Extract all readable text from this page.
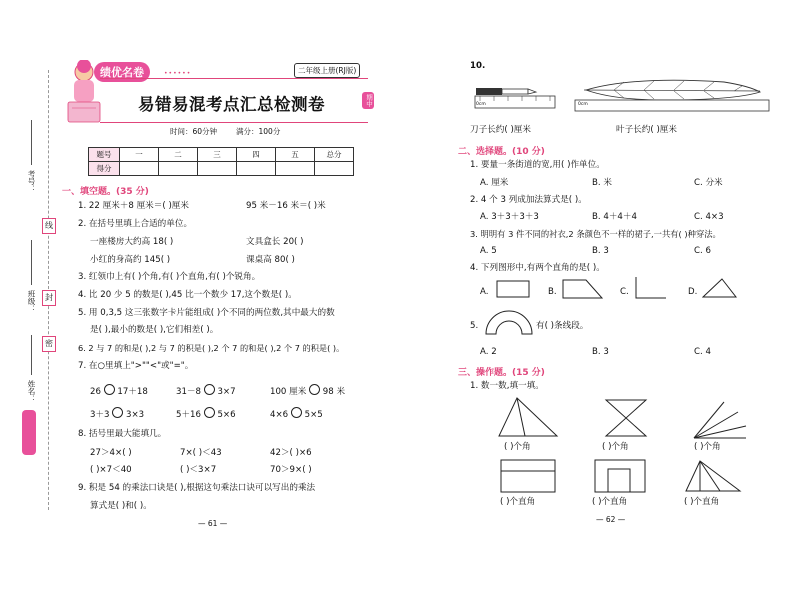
考号：
班级：
姓名：
线
封
密
绩优名卷	••••••	二年级上册(RJ版)
易错易混考点汇总检测卷	期中
时间：60分钟	满分：100分
题号	一	二	三	四	五	总分
得分						
一、填空题。(35 分)
1. 22 厘米＋8 厘米＝( )厘米	95 米－16 米＝( )米
2. 在括号里填上合适的单位。
一座楼房大约高 18( )	文具盒长 20( )
小红的身高约 145( )	课桌高 80( )
3. 红领巾上有( )个角,有( )个直角,有( )个锐角。
4. 比 20 少 5 的数是( ),45 比一个数少 17,这个数是( )。
5. 用 0,3,5 这三张数字卡片能组成( )个不同的两位数,其中最大的数
是( ),最小的数是( ),它们相差( )。
6. 2 与 7 的和是( ),2 与 7 的积是( ),2 个 7 的和是( ),2 个 7 的积是( )。
7. 在○里填上">""<"或"="。
26 17＋18	31－8 3×7	100 厘米 98 米
3＋3 3×3	5＋16 5×6	4×6 5×5
8. 括号里最大能填几。
27＞4×( )	7×( )＜43	42＞( )×6
( )×7＜40	( )＜3×7	70＞9×( )
9. 积是 54 的乘法口诀是( ),根据这句乘法口诀可以写出的乘法
算式是( )和( )。
— 61 —
10.
0cm	0cm
刀子长约( )厘米	叶子长约( )厘米
二、选择题。(10 分)
1. 要量一条街道的宽,用( )作单位。
A. 厘米	B. 米	C. 分米
2. 4 个 3 列成加法算式是( )。
A. 3＋3＋3＋3	B. 4＋4＋4	C. 4×3
3. 明明有 3 件不同的衬衣,2 条颜色不一样的裙子,一共有( )种穿法。
A. 5	B. 3	C. 6
4. 下列图形中,有两个直角的是( )。
A.	B.	C.	D.
5.	有( )条线段。
A. 2	B. 3	C. 4
三、操作题。(15 分)
1. 数一数,填一填。
( )个角	( )个角	( )个角
( )个直角	( )个直角	( )个直角
— 62 —
